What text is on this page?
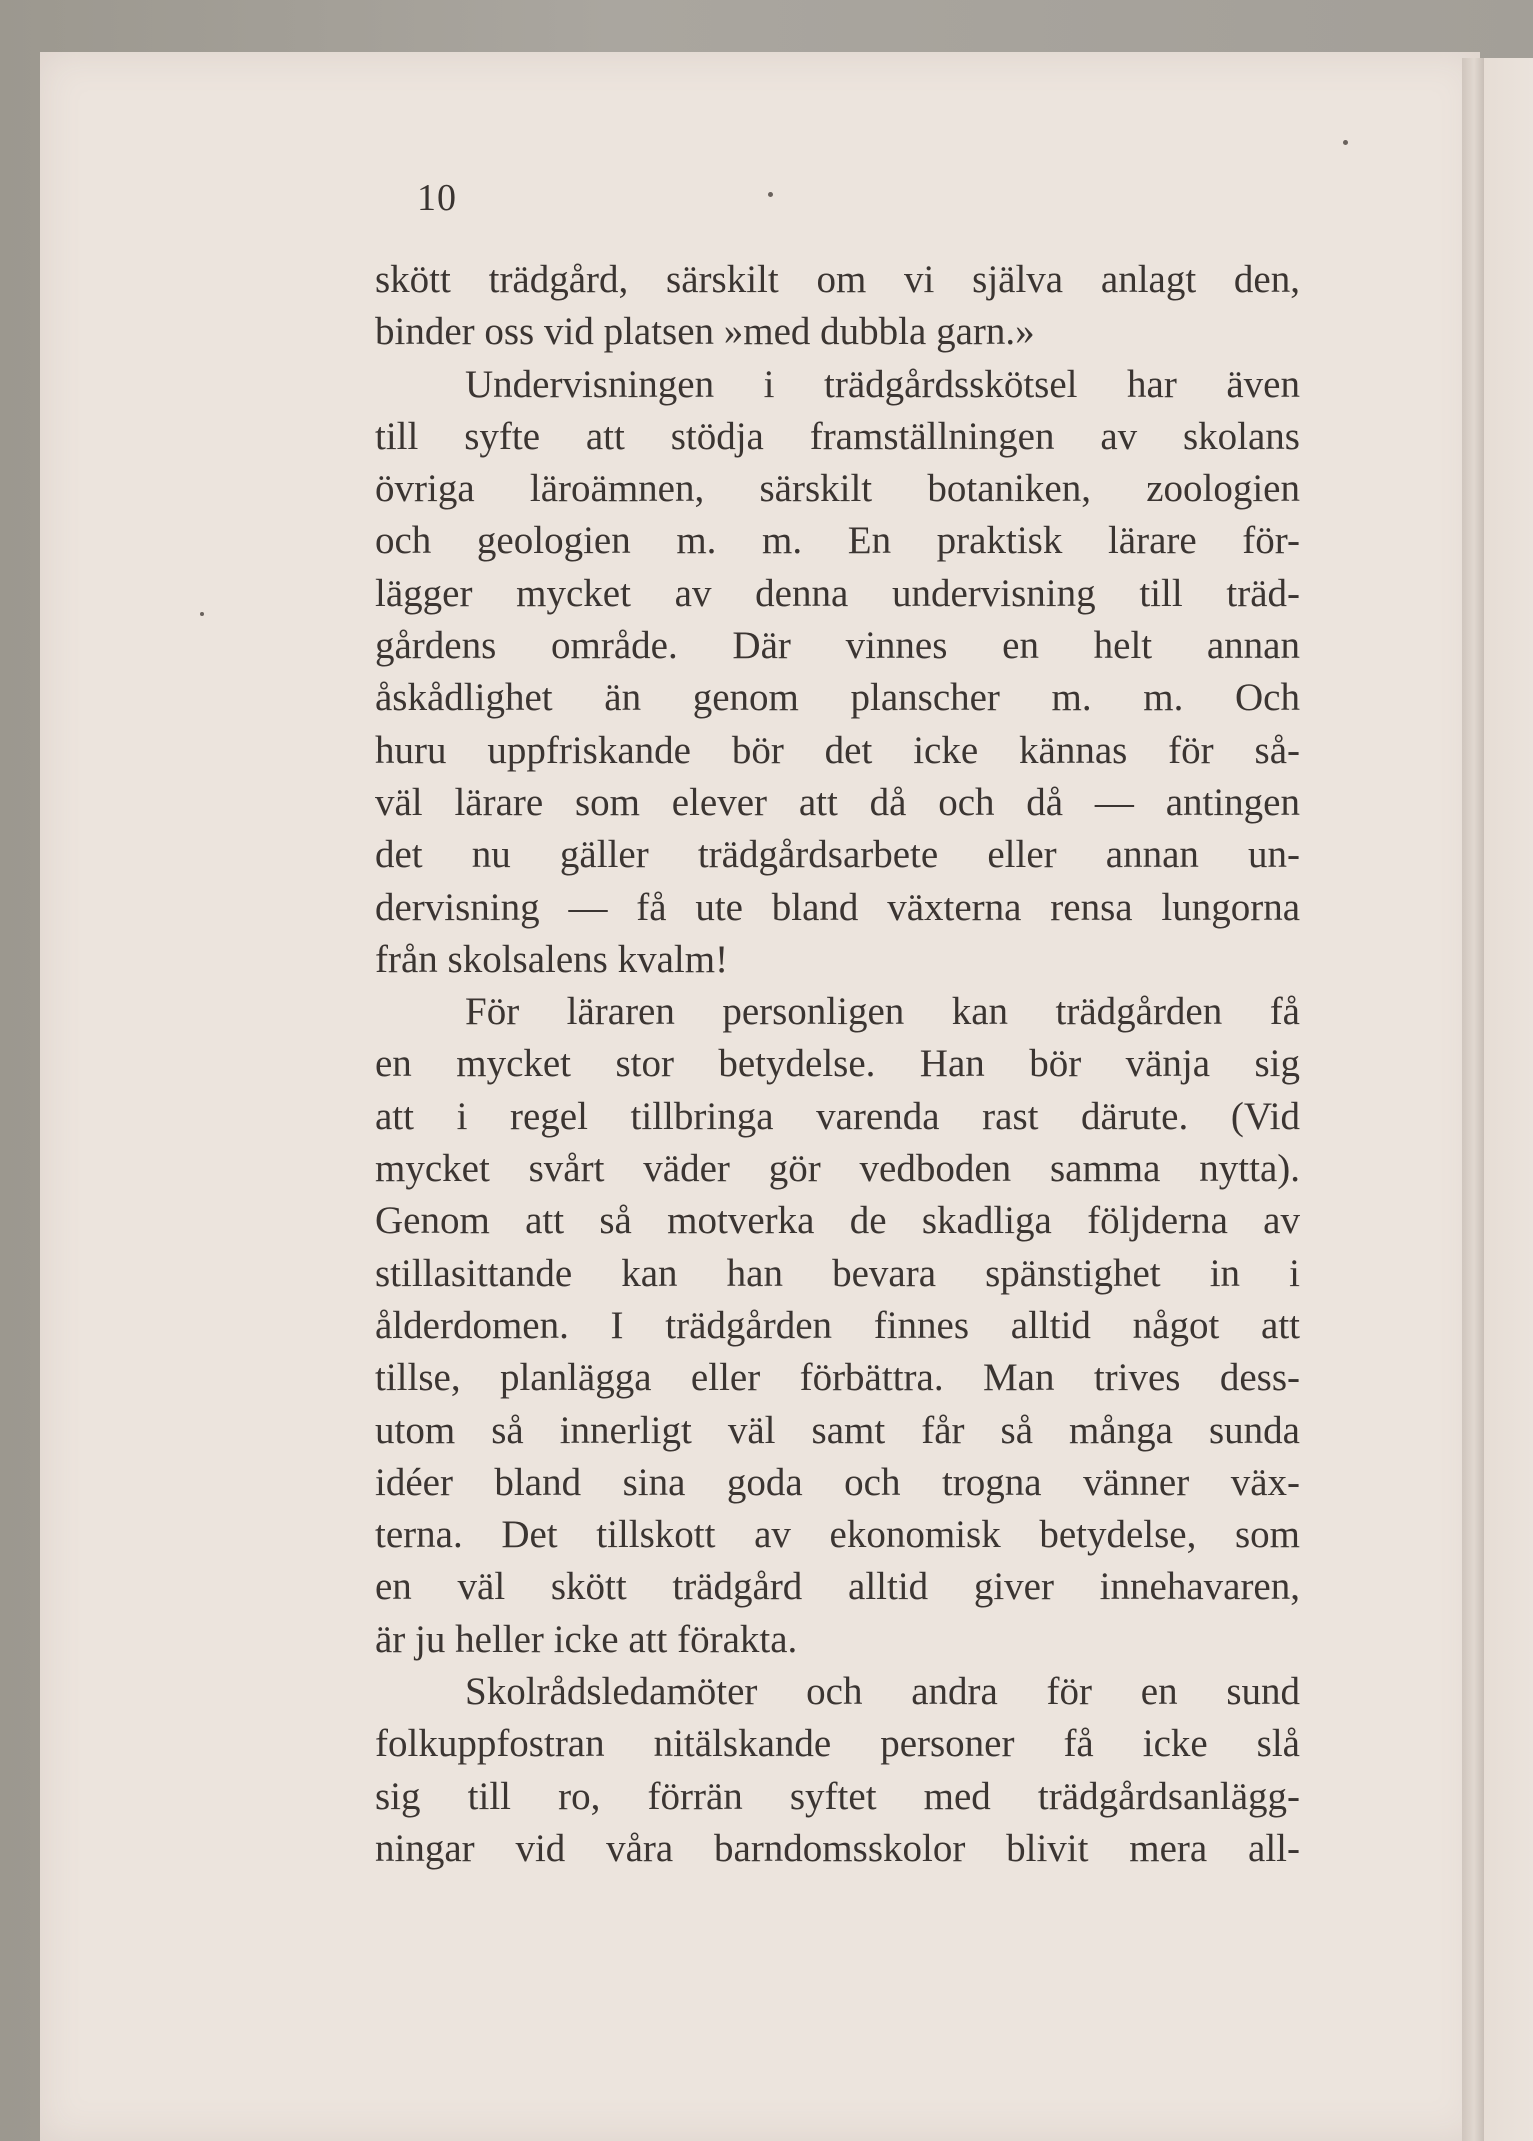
10
skött trädgård, särskilt om vi själva anlagt den,
binder oss vid platsen »med dubbla garn.»
Undervisningen i trädgårdsskötsel har även
till syfte att stödja framställningen av skolans
övriga läroämnen, särskilt botaniken, zoologien
och geologien m. m. En praktisk lärare för-
lägger mycket av denna undervisning till träd-
gårdens område. Där vinnes en helt annan
åskådlighet än genom planscher m. m. Och
huru uppfriskande bör det icke kännas för så-
väl lärare som elever att då och då — antingen
det nu gäller trädgårdsarbete eller annan un-
dervisning — få ute bland växterna rensa lungorna
från skolsalens kvalm!
För läraren personligen kan trädgården få
en mycket stor betydelse. Han bör vänja sig
att i regel tillbringa varenda rast därute. (Vid
mycket svårt väder gör vedboden samma nytta).
Genom att så motverka de skadliga följderna av
stillasittande kan han bevara spänstighet in i
ålderdomen. I trädgården finnes alltid något att
tillse, planlägga eller förbättra. Man trives dess-
utom så innerligt väl samt får så många sunda
idéer bland sina goda och trogna vänner väx-
terna. Det tillskott av ekonomisk betydelse, som
en väl skött trädgård alltid giver innehavaren,
är ju heller icke att förakta.
Skolrådsledamöter och andra för en sund
folkuppfostran nitälskande personer få icke slå
sig till ro, förrän syftet med trädgårdsanlägg-
ningar vid våra barndomsskolor blivit mera all-
